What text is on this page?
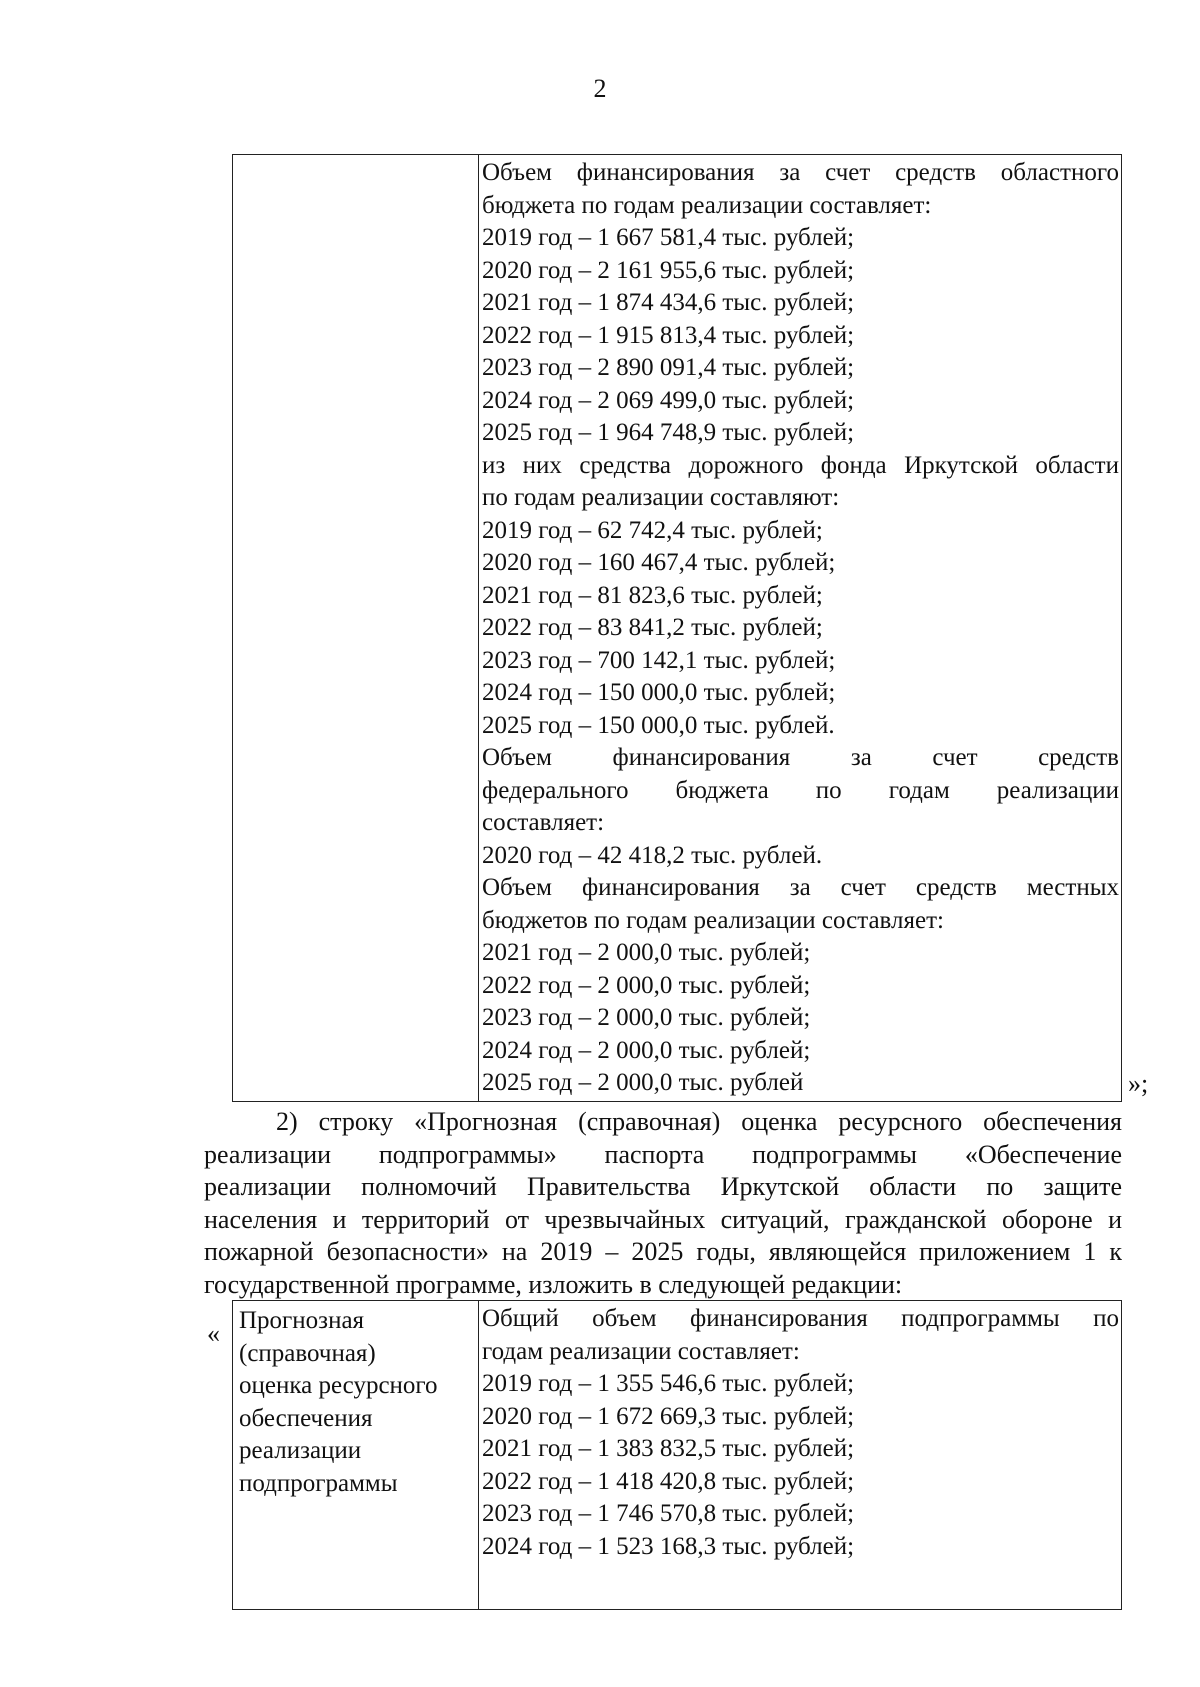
2
Объем финансирования за счет средств областного
бюджета по годам реализации составляет:
2019 год – 1 667 581,4 тыс. рублей;
2020 год – 2 161 955,6 тыс. рублей;
2021 год – 1 874 434,6 тыс. рублей;
2022 год – 1 915 813,4 тыс. рублей;
2023 год – 2 890 091,4 тыс. рублей;
2024 год – 2 069 499,0 тыс. рублей;
2025 год – 1 964 748,9 тыс. рублей;
из них средства дорожного фонда Иркутской области
по годам реализации составляют:
2019 год – 62 742,4 тыс. рублей;
2020 год – 160 467,4 тыс. рублей;
2021 год – 81 823,6 тыс. рублей;
2022 год – 83 841,2 тыс. рублей;
2023 год – 700 142,1 тыс. рублей;
2024 год – 150 000,0 тыс. рублей;
2025 год – 150 000,0 тыс. рублей.
Объем финансирования за счет средств
федерального бюджета по годам реализации
составляет:
2020 год – 42 418,2 тыс. рублей.
Объем финансирования за счет средств местных
бюджетов по годам реализации составляет:
2021 год – 2 000,0 тыс. рублей;
2022 год – 2 000,0 тыс. рублей;
2023 год – 2 000,0 тыс. рублей;
2024 год – 2 000,0 тыс. рублей;
2025 год – 2 000,0 тыс. рублей	»;
2) строку «Прогнозная (справочная) оценка ресурсного обеспечения
реализации подпрограммы» паспорта подпрограммы «Обеспечение
реализации полномочий Правительства Иркутской области по защите
населения и территорий от чрезвычайных ситуаций, гражданской обороне и
пожарной безопасности» на 2019 – 2025 годы, являющейся приложением 1 к
государственной программе, изложить в следующей редакции:
« Прогнозная
(справочная)
оценка ресурсного
обеспечения
реализации
подпрограммы
Общий объем финансирования подпрограммы по
годам реализации составляет:
2019 год – 1 355 546,6 тыс. рублей;
2020 год – 1 672 669,3 тыс. рублей;
2021 год – 1 383 832,5 тыс. рублей;
2022 год – 1 418 420,8 тыс. рублей;
2023 год – 1 746 570,8 тыс. рублей;
2024 год – 1 523 168,3 тыс. рублей;
